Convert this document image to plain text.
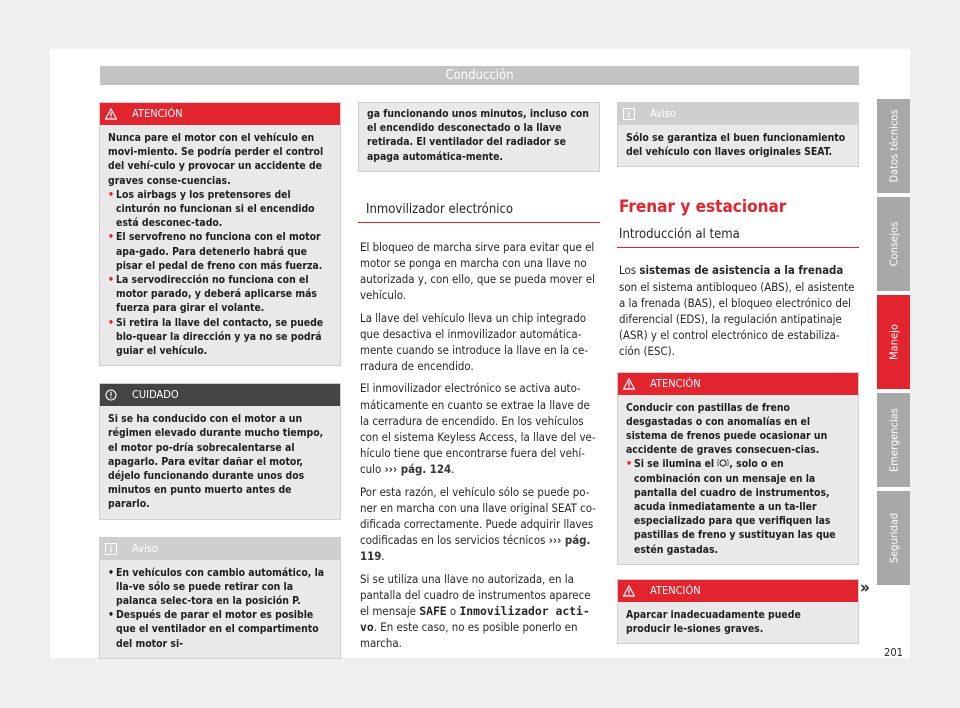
Conducción
ATENCIÓN

Nunca pare el motor con el vehículo en movi-miento. Se podría perder el control del vehí-culo y provocar un accidente de graves conse-cuencias.

• Los airbags y los pretensores del cinturón no funcionan si el encendido está desconec-tado.

• El servofreno no funciona con el motor apa-gado. Para detenerlo habrá que pisar el pedal de freno con más fuerza.

• La servodirección no funciona con el motor parado, y deberá aplicarse más fuerza para girar el volante.

• Si retira la llave del contacto, se puede blo-quear la dirección y ya no se podrá guiar el vehículo.

CUIDADO

Si se ha conducido con el motor a un régimen elevado durante mucho tiempo, el motor po-dría sobrecalentarse al apagarlo. Para evitar dañar el motor, déjelo funcionando durante unos dos minutos en punto muerto antes de pararlo.

Aviso

• En vehículos con cambio automático, la lla-ve sólo se puede retirar con la palanca selec-tora en la posición P.

• Después de parar el motor es posible que el ventilador en el compartimento del motor si-

ga funcionando unos minutos, incluso con el encendido desconectado o la llave retirada. El ventilador del radiador se apaga automática-mente.

Inmovilizador electrónico

El bloqueo de marcha sirve para evitar que el motor se ponga en marcha con una llave no autorizada y, con ello, que se pueda mover el vehículo.

La llave del vehículo lleva un chip integrado que desactiva el inmovilizador automática-mente cuando se introduce la llave en la ce-rradura de encendido.

El inmovilizador electrónico se activa auto-máticamente en cuanto se extrae la llave de la cerradura de encendido. En los vehículos con el sistema Keyless Access, la llave del ve-hículo tiene que encontrarse fuera del vehí-culo ››› pág. 124.

Por esta razón, el vehículo sólo se puede po-ner en marcha con una llave original SEAT co-dificada correctamente. Puede adquirir llaves codificadas en los servicios técnicos ››› pág. 119.

Si se utiliza una llave no autorizada, en la pantalla del cuadro de instrumentos aparece el mensaje SAFE o Inmovilizador acti-vo. En este caso, no es posible ponerlo en marcha.

Aviso

Sólo se garantiza el buen funcionamiento del vehículo con llaves originales SEAT.

Frenar y estacionar
Introducción al tema

Los sistemas de asistencia a la frenada son el sistema antibloqueo (ABS), el asistente a la frenada (BAS), el bloqueo electrónico del diferencial (EDS), la regulación antipatinaje (ASR) y el control electrónico de estabiliza-ción (ESC).

ATENCIÓN

Conducir con pastillas de freno desgastadas o con anomalías en el sistema de frenos puede ocasionar un accidente de graves consecuen-cias.

• Si se ilumina el , solo o en combinación con un mensaje en la pantalla del cuadro de instrumentos, acuda inmediatamente a un ta-ller especializado para que verifiquen las pastillas de freno y sustituyan las que estén gastadas.

ATENCIÓN

Aparcar inadecuadamente puede producir le-siones graves.

»
Datos técnicos
Consejos
Manejo
Emergencias
Seguridad
201
